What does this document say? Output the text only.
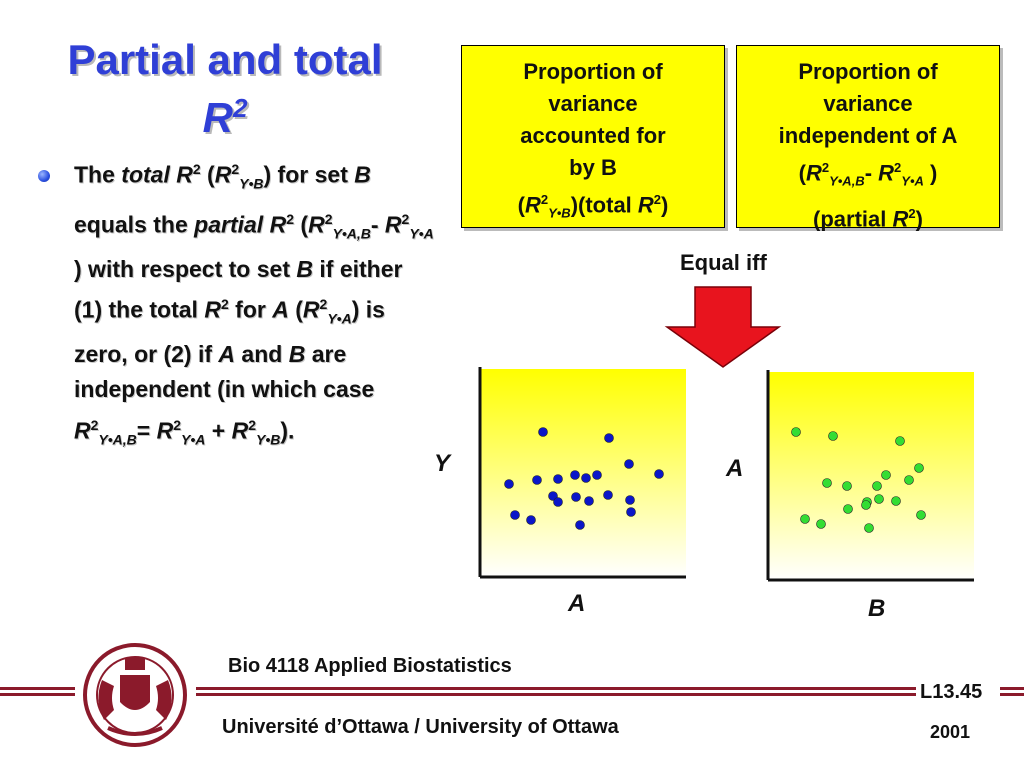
Partial and total
$R^2$
The total $R^2$ $(R^2_{Y•B})$ for set B equals the partial $R^2$ ($R^2_{Y•A,B}-$ $R^2_{Y•A}$ ) with respect to set B if either (1) the total $R^2$ for A $(R^2_{Y•A})$ is zero, or (2) if A and B are independent (in which case $R^2_{Y•A,B}= R^2_{Y•A} + R^2_{Y•B}$).
Proportion of
variance
accounted for
by B
$(R^2_{Y•B})(total$ $R^2$)
Proportion of
variance
independent of A
($R^2_{Y•A,B}-$ $R^2_{Y•A}$ )
(partial $R^2$)
Equal iff
Y
A
A
B
Bio 4118 Applied Biostatistics
L13.45
Université d’Ottawa / University of Ottawa	2001
